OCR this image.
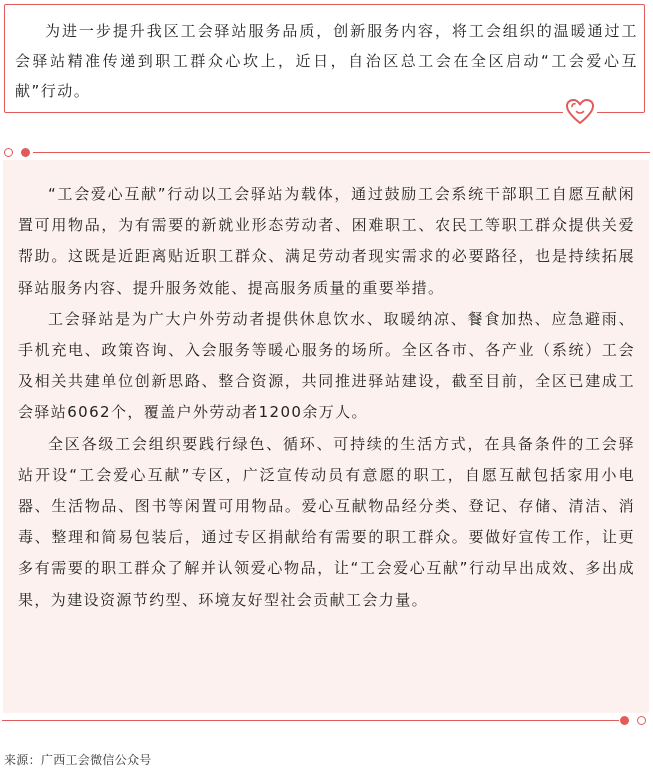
为进一步提升我区工会驿站服务品质，创新服务内容，将工会组织的温暖通过工会驿站精准传递到职工群众心坎上，近日，自治区总工会在全区启动“工会爱心互献”行动。

“工会爱心互献”行动以工会驿站为载体，通过鼓励工会系统干部职工自愿互献闲置可用物品，为有需要的新就业形态劳动者、困难职工、农民工等职工群众提供关爱帮助。这既是近距离贴近职工群众、满足劳动者现实需求的必要路径，也是持续拓展驿站服务内容、提升服务效能、提高服务质量的重要举措。

工会驿站是为广大户外劳动者提供休息饮水、取暖纳凉、餐食加热、应急避雨、手机充电、政策咨询、入会服务等暖心服务的场所。全区各市、各产业（系统）工会及相关共建单位创新思路、整合资源，共同推进驿站建设，截至目前，全区已建成工会驿站6062个，覆盖户外劳动者1200余万人。

全区各级工会组织要践行绿色、循环、可持续的生活方式，在具备条件的工会驿站开设“工会爱心互献”专区，广泛宣传动员有意愿的职工，自愿互献包括家用小电器、生活物品、图书等闲置可用物品。爱心互献物品经分类、登记、存储、清洁、消毒、整理和简易包装后，通过专区捐献给有需要的职工群众。要做好宣传工作，让更多有需要的职工群众了解并认领爱心物品，让“工会爱心互献”行动早出成效、多出成果，为建设资源节约型、环境友好型社会贡献工会力量。

来源：广西工会微信公众号
